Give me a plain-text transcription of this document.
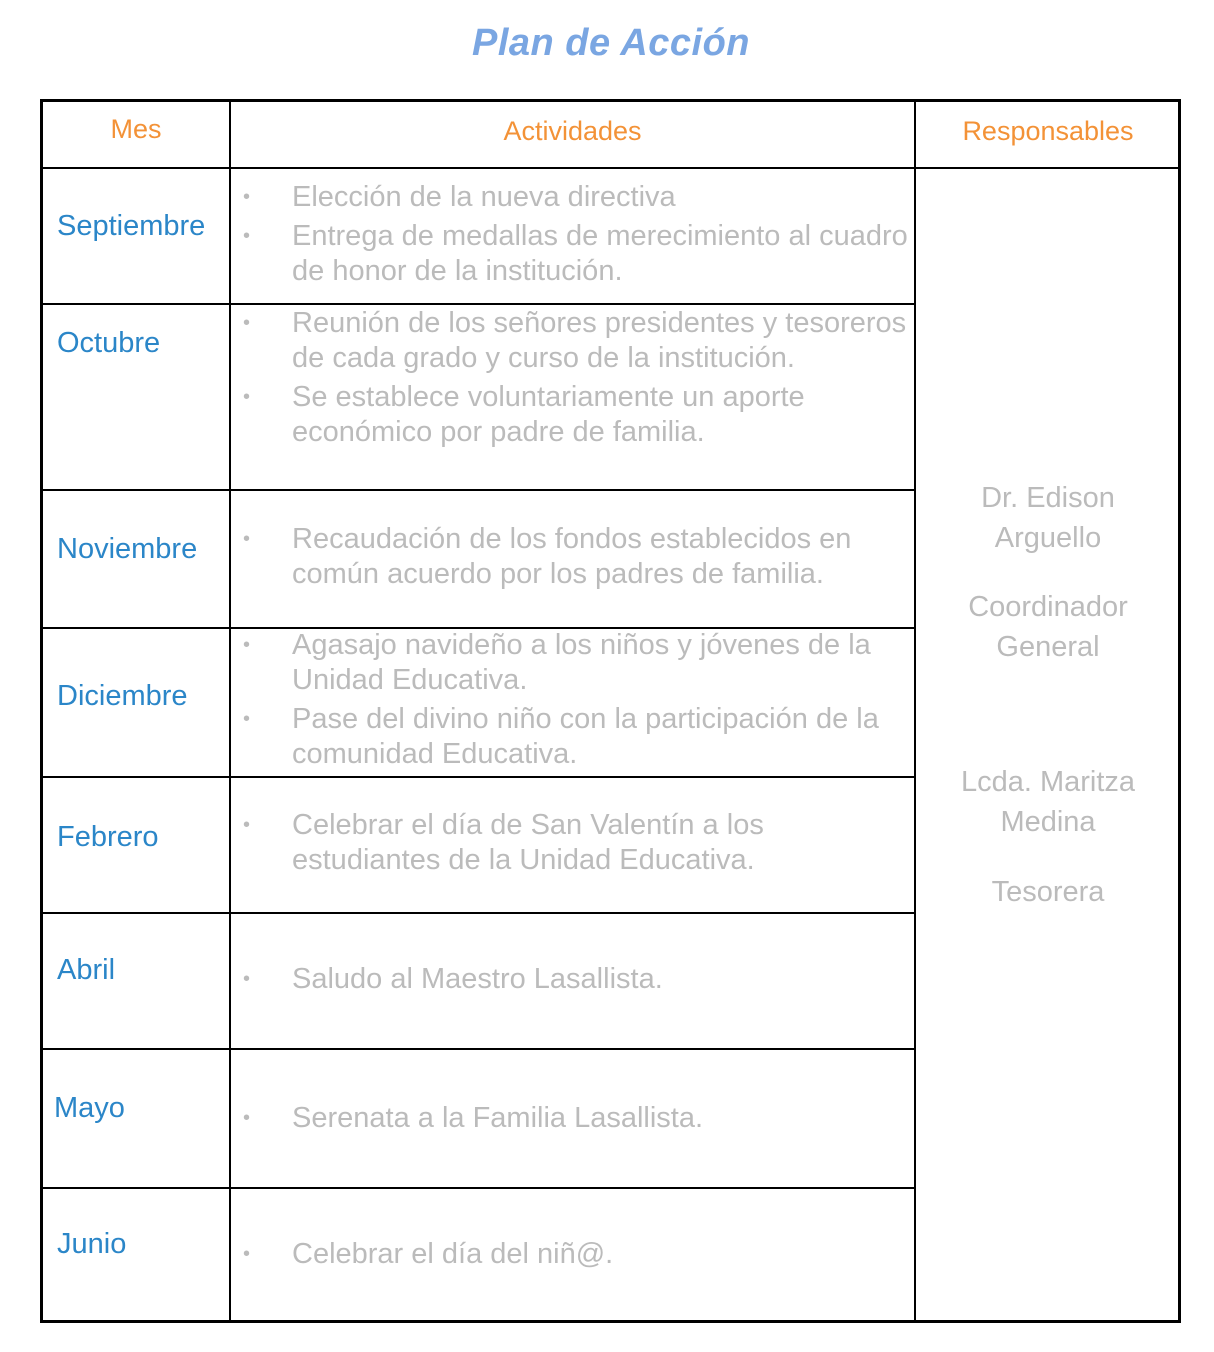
Plan de Acción
Mes	Actividades	Responsables
Septiembre
Octubre
Noviembre
Diciembre
Febrero
Abril
Mayo
Junio
• Elección de la nueva directiva
• Entrega de medallas de merecimiento al cuadro de honor de la institución.
• Reunión de los señores presidentes y tesoreros de cada grado y curso de la institución.
• Se establece voluntariamente un aporte económico por padre de familia.
• Recaudación de los fondos establecidos en común acuerdo por los padres de familia.
• Agasajo navideño a los niños y jóvenes de la Unidad Educativa.
• Pase del divino niño con la participación de la comunidad Educativa.
• Celebrar el día de San Valentín a los estudiantes de la Unidad Educativa.
• Saludo al Maestro Lasallista.
• Serenata a la Familia Lasallista.
• Celebrar el día del niñ@.
Dr. Edison Arguello
Coordinador General
Lcda. Maritza Medina
Tesorera
